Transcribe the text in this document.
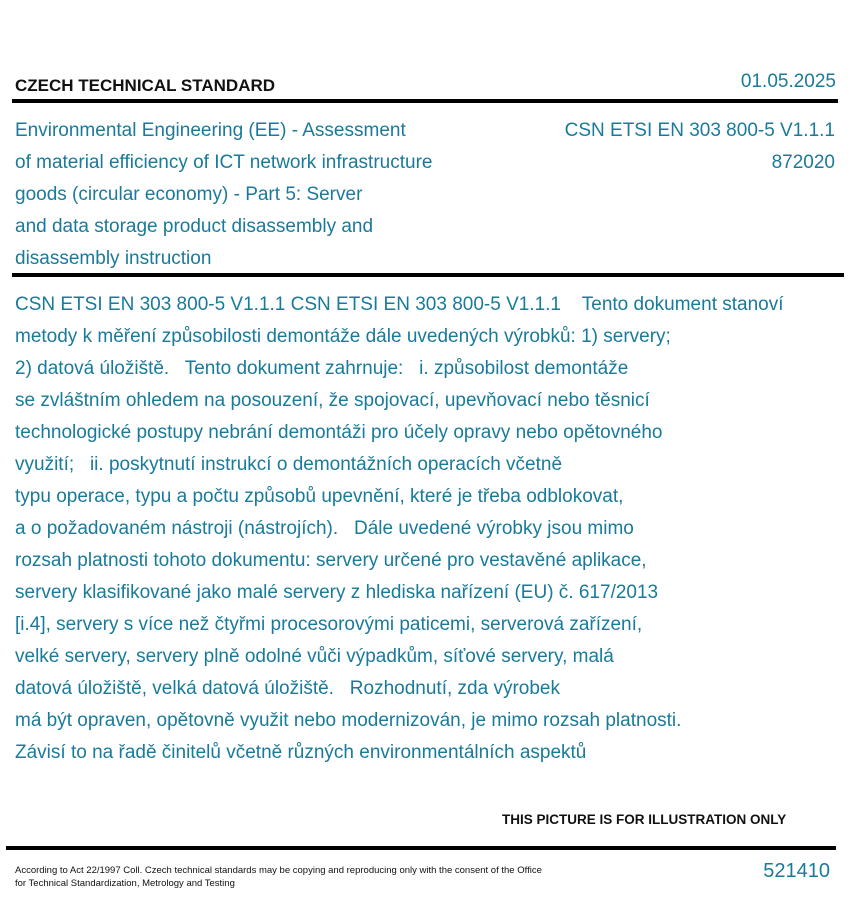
CZECH TECHNICAL STANDARD	01.05.2025
Environmental Engineering (EE) - Assessment
of material efficiency of ICT network infrastructure
goods (circular economy) - Part 5: Server
and data storage product disassembly and
disassembly instruction
CSN ETSI EN 303 800-5 V1.1.1
872020
CSN ETSI EN 303 800-5 V1.1.1 CSN ETSI EN 303 800-5 V1.1.1    Tento dokument stanoví
metody k měření způsobilosti demontáže dále uvedených výrobků: 1) servery;
2) datová úložiště.   Tento dokument zahrnuje:   i. způsobilost demontáže
se zvláštním ohledem na posouzení, že spojovací, upevňovací nebo těsnicí
technologické postupy nebrání demontáži pro účely opravy nebo opětovného
využití;   ii. poskytnutí instrukcí o demontážních operacích včetně
typu operace, typu a počtu způsobů upevnění, které je třeba odblokovat,
a o požadovaném nástroji (nástrojích).   Dále uvedené výrobky jsou mimo
rozsah platnosti tohoto dokumentu: servery určené pro vestavěné aplikace,
servery klasifikované jako malé servery z hlediska nařízení (EU) č. 617/2013
[i.4], servery s více než čtyřmi procesorovými paticemi, serverová zařízení,
velké servery, servery plně odolné vůči výpadkům, síťové servery, malá
datová úložiště, velká datová úložiště.   Rozhodnutí, zda výrobek
má být opraven, opětovně využit nebo modernizován, je mimo rozsah platnosti.
Závisí to na řadě činitelů včetně různých environmentálních aspektů
THIS PICTURE IS FOR ILLUSTRATION ONLY
According to Act 22/1997 Coll. Czech technical standards may be copying and reproducing only with the consent of the Office
for Technical Standardization, Metrology and Testing
521410
